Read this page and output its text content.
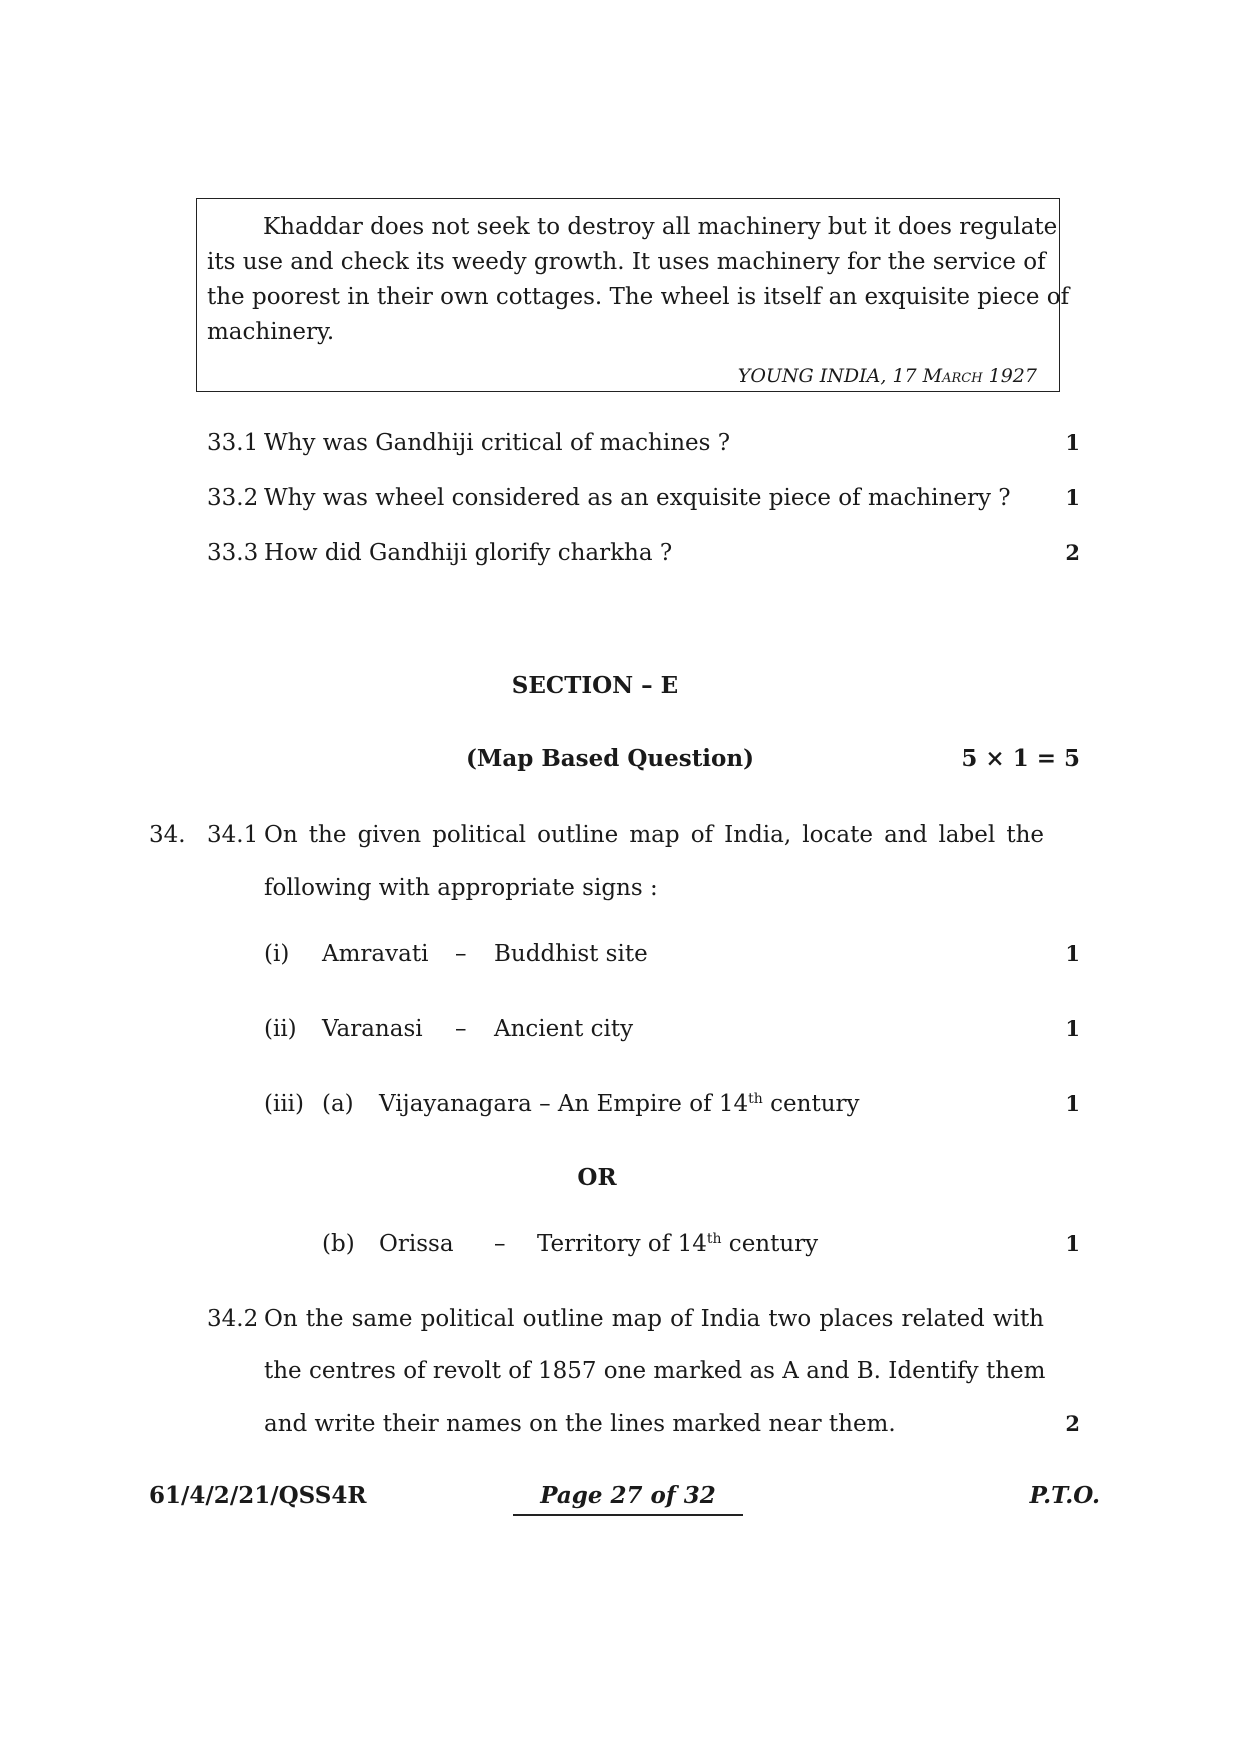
Khaddar does not seek to destroy all machinery but it does regulate
its use and check its weedy growth. It uses machinery for the service of
the poorest in their own cottages. The wheel is itself an exquisite piece of
machinery.
YOUNG INDIA, 17 March 1927
33.1 Why was Gandhiji critical of machines ?	1
33.2 Why was wheel considered as an exquisite piece of machinery ?	1
33.3 How did Gandhiji glorify charkha ?	2
SECTION – E
(Map Based Question)	5 × 1 = 5
34. 34.1 On the given political outline map of India, locate and label the
following with appropriate signs :
(i) Amravati – Buddhist site	1
(ii) Varanasi – Ancient city	1
(iii) (a) Vijayanagara – An Empire of 14th century	1
OR
(b) Orissa – Territory of 14th century	1
34.2 On the same political outline map of India two places related with
the centres of revolt of 1857 one marked as A and B. Identify them
and write their names on the lines marked near them.	2
61/4/2/21/QSS4R	Page 27 of 32	P.T.O.
